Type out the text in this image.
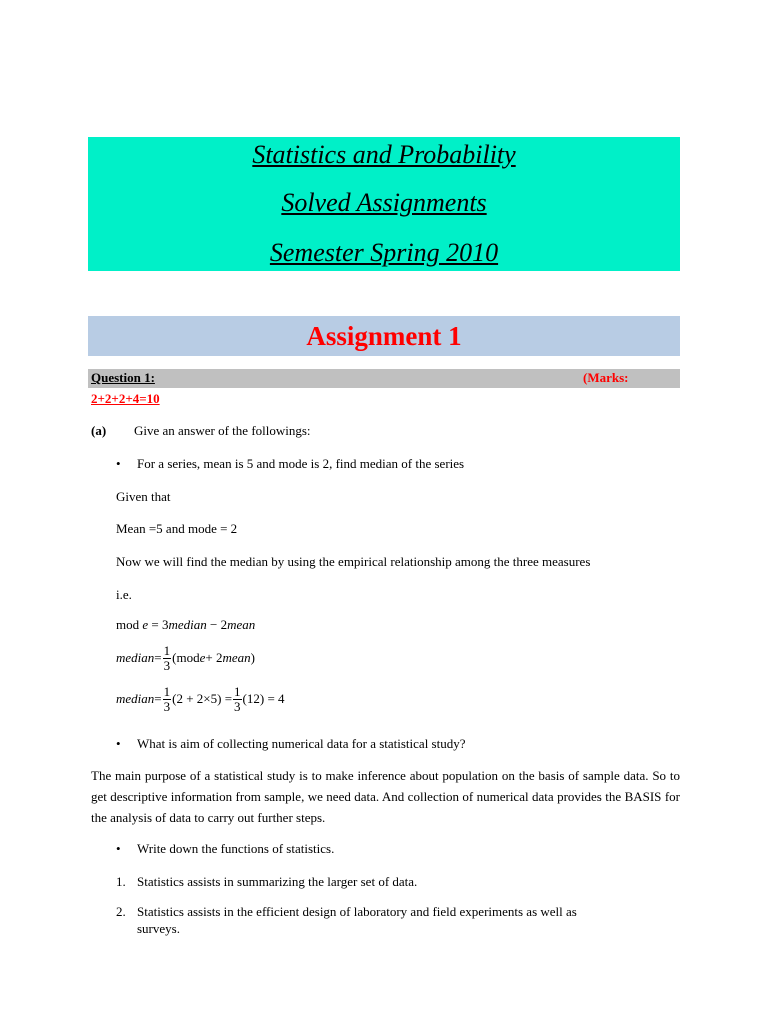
Statistics and Probability
Solved Assignments
Semester Spring 2010
Assignment 1
Question 1:	(Marks:
2+2+2+4=10
(a) Give an answer of the followings:
• For a series, mean is 5 and mode is 2, find median of the series
Given that
Mean =5 and mode = 2
Now we will find the median by using the empirical relationship among the three measures
i.e.
mod e = 3median − 2mean
median = $\frac{1}{3} (mod$ e + 2 mean )
median = $\frac{1}{3} (2 + 2\times 5) = \frac{1}{3} (12) = 4$
• What is aim of collecting numerical data for a statistical study?
The main purpose of a statistical study is to make inference about population on the basis of sample data. So to get descriptive information from sample, we need data. And collection of numerical data provides the BASIS for the analysis of data to carry out further steps.
• Write down the functions of statistics.
1. Statistics assists in summarizing the larger set of data.
2. Statistics assists in the efficient design of laboratory and field experiments as well as
surveys.
